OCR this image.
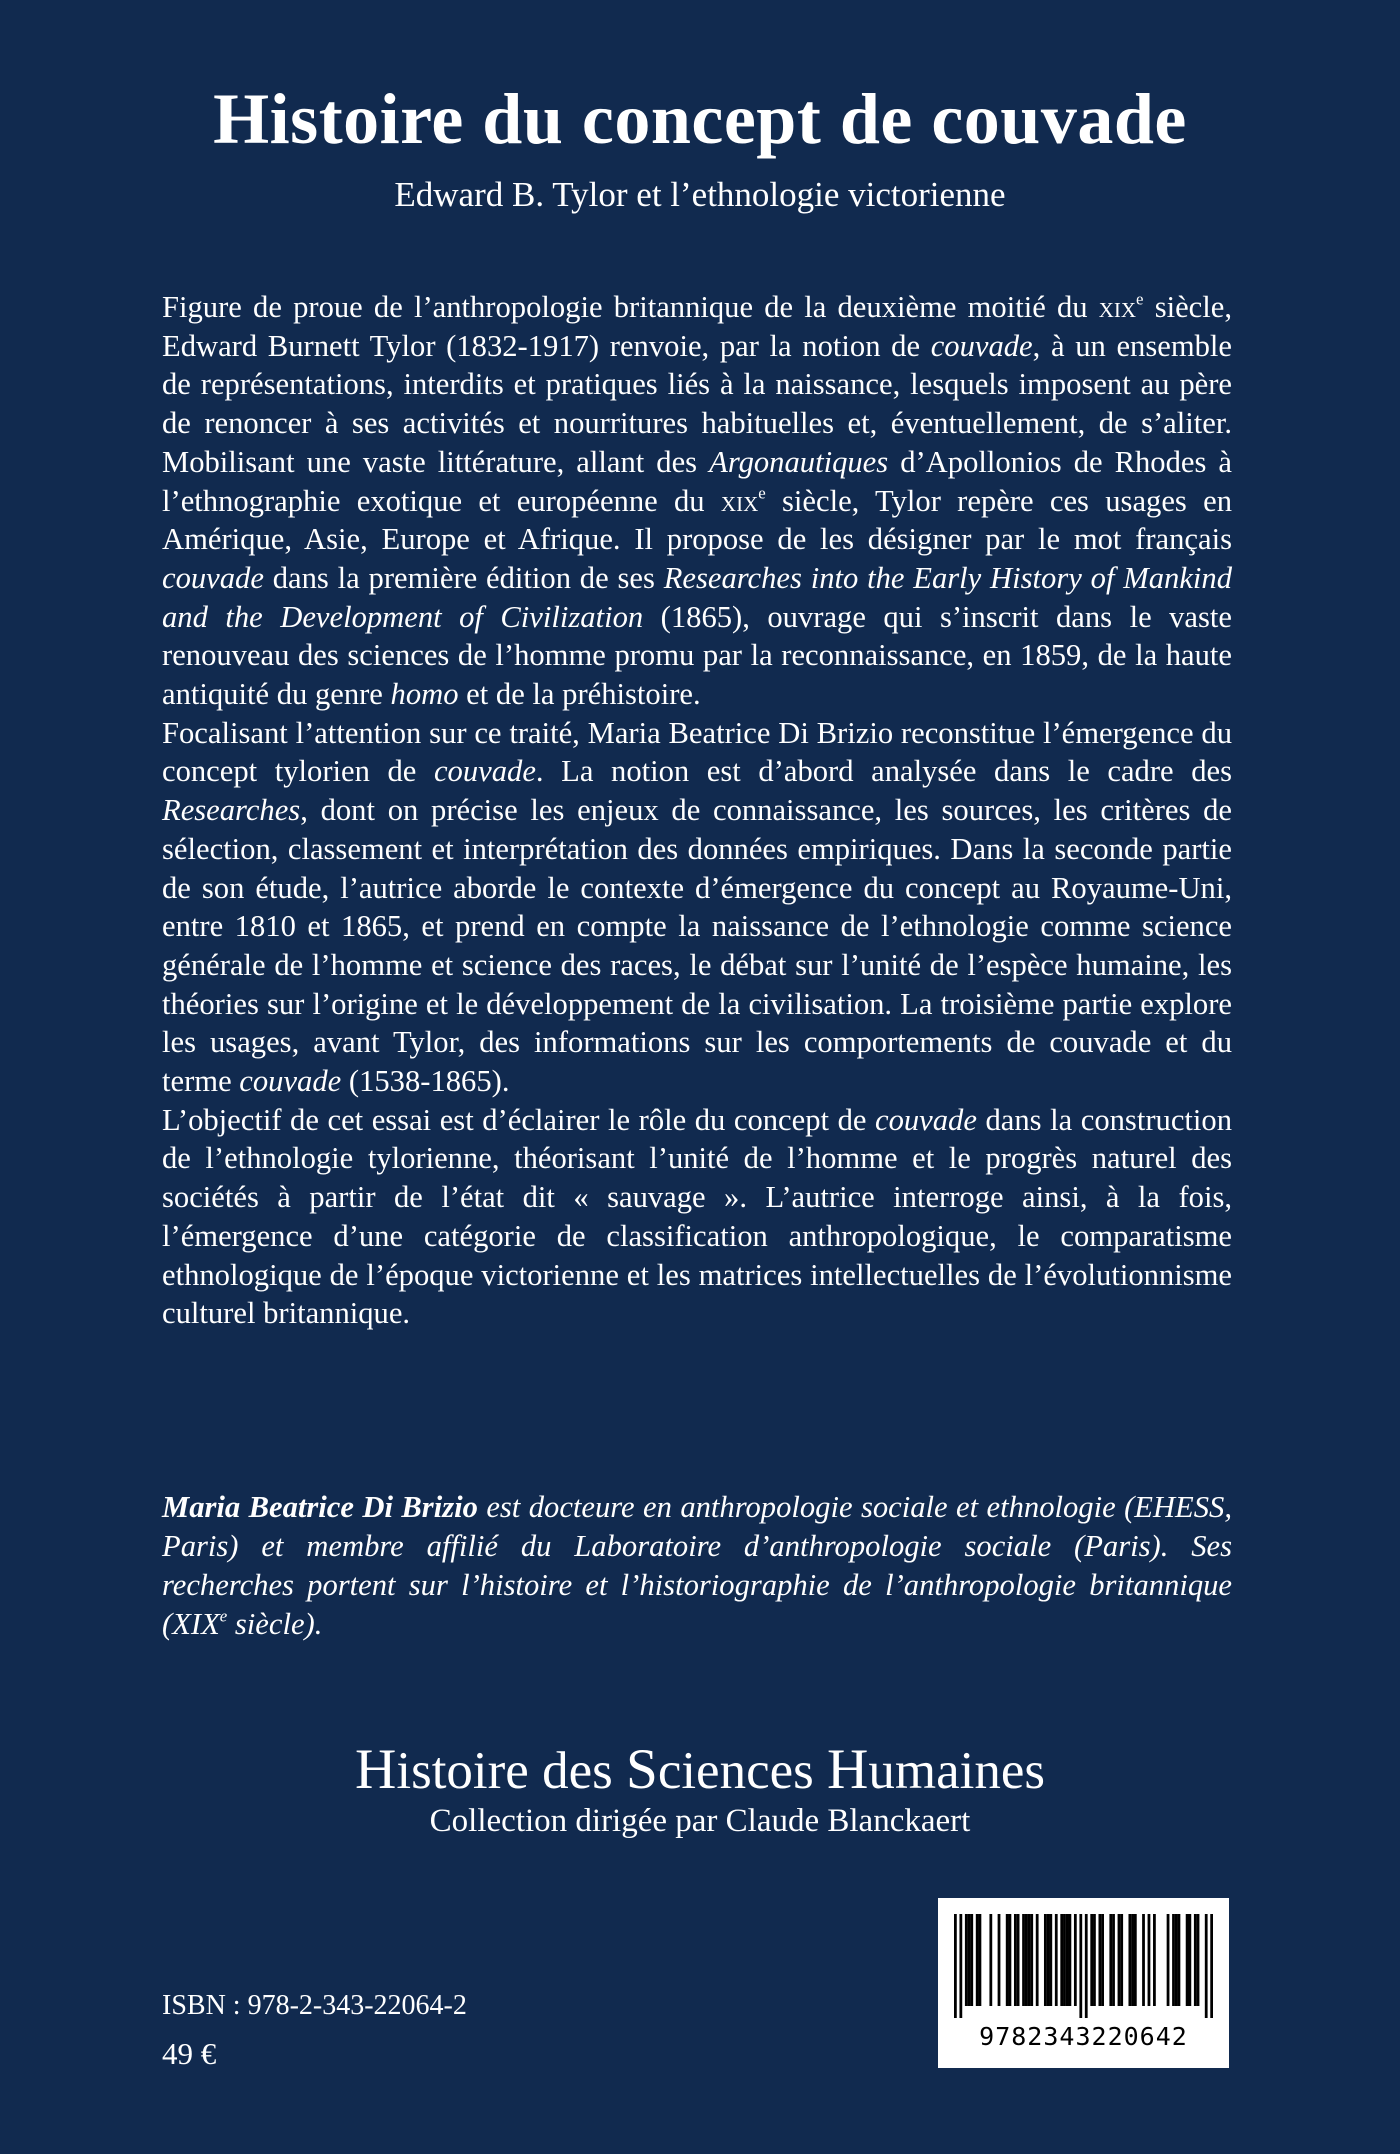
Histoire du concept de couvade

Edward B. Tylor et l’ethnologie victorienne

Figure de proue de l’anthropologie britannique de la deuxième moitié du xix$^e$ siècle, Edward Burnett Tylor (1832-1917) renvoie, par la notion de couvade, à un ensemble de représentations, interdits et pratiques liés à la naissance, lesquels imposent au père de renoncer à ses activités et nourritures habituelles et, éventuellement, de s’aliter. Mobilisant une vaste littérature, allant des Argonautiques d’Apollonios de Rhodes à l’ethnographie exotique et européenne du xix$^e$ siècle, Tylor repère ces usages en Amérique, Asie, Europe et Afrique. Il propose de les désigner par le mot français couvade dans la première édition de ses Researches into the Early History of Mankind and the Development of Civilization (1865), ouvrage qui s’inscrit dans le vaste renouveau des sciences de l’homme promu par la reconnaissance, en 1859, de la haute antiquité du genre homo et de la préhistoire.

Focalisant l’attention sur ce traité, Maria Beatrice Di Brizio reconstitue l’émergence du concept tylorien de couvade. La notion est d’abord analysée dans le cadre des Researches, dont on précise les enjeux de connaissance, les sources, les critères de sélection, classement et interprétation des données empiriques. Dans la seconde partie de son étude, l’autrice aborde le contexte d’émergence du concept au Royaume-Uni, entre 1810 et 1865, et prend en compte la naissance de l’ethnologie comme science générale de l’homme et science des races, le débat sur l’unité de l’espèce humaine, les théories sur l’origine et le développement de la civilisation. La troisième partie explore les usages, avant Tylor, des informations sur les comportements de couvade et du terme couvade (1538-1865).

L’objectif de cet essai est d’éclairer le rôle du concept de couvade dans la construction de l’ethnologie tylorienne, théorisant l’unité de l’homme et le progrès naturel des sociétés à partir de l’état dit « sauvage ». L’autrice interroge ainsi, à la fois, l’émergence d’une catégorie de classification anthropologique, le comparatisme ethnologique de l’époque victorienne et les matrices intellectuelles de l’évolutionnisme culturel britannique.

Maria Beatrice Di Brizio est docteure en anthropologie sociale et ethnologie (EHESS, Paris) et membre affilié du Laboratoire d’anthropologie sociale (Paris). Ses recherches portent sur l’histoire et l’historiographie de l’anthropologie britannique (XIXe siècle).

Histoire des Sciences Humaines

Collection dirigée par Claude Blanckaert

ISBN : 978-2-343-22064-2

49 €	9782343220642
